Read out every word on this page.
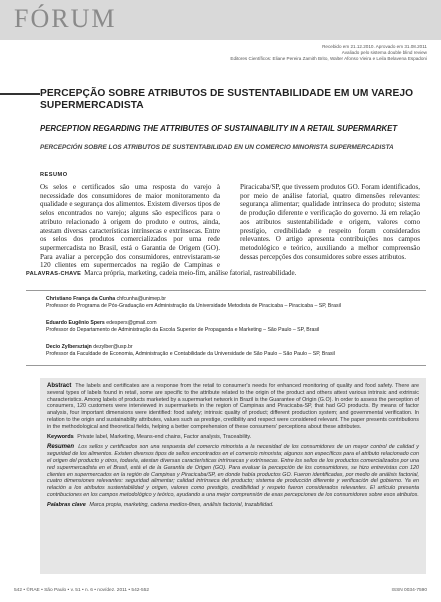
FÓRUM
Recebido em 21.12.2010. Aprovado em 31.08.2011
Avaliado pelo sistema double blind review
Editores Científicos: Eliane Pereira Zamith Brito, Walter Afonso Vieira e Leila Belavena Espadoni
PERCEPÇÃO SOBRE ATRIBUTOS DE SUSTENTABILIDADE EM UM VAREJO SUPERMERCADISTA
PERCEPTION REGARDING THE ATTRIBUTES OF SUSTAINABILITY IN A RETAIL SUPERMARKET
PERCEPCIÓN SOBRE LOS ATRIBUTOS DE SUSTENTABILIDAD EN UN COMERCIO MINORISTA SUPERMERCADISTA
RESUMO

Os selos e certificados são uma resposta do varejo à necessidade dos consumidores de maior monitoramento da qualidade e segurança dos alimentos. Existem diversos tipos de selos encontrados no varejo; alguns são específicos para o atributo relacionado à origem do produto e outros, ainda, atestam diversas características intrínsecas e extrínsecas. Entre os selos dos produtos comercializados por uma rede supermercadista no Brasil, está o Garantia de Origem (GO). Para avaliar a percepção dos consumidores, entrevistaram-se 120 clientes em supermercados na região de Campinas e Piracicaba/SP, que tivessem produtos GO. Foram identificados, por meio de análise fatorial, quatro dimensões relevantes: segurança alimentar; qualidade intrínseca do produto; sistema de produção diferente e verificação do governo. Já em relação aos atributos sustentabilidade e origem, valores como prestígio, credibilidade e respeito foram considerados relevantes. O artigo apresenta contribuições nos campos metodológico e teórico, auxiliando a melhor compreensão dessas percepções dos consumidores sobre esses atributos.

PALAVRAS-CHAVE Marca própria, marketing, cadeia meio-fim, análise fatorial, rastreabilidade.
Christiano França da Cunha chfcunha@unimep.br
Professor do Programa de Pós-Graduação em Administração da Universidade Metodista de Piracicaba – Piracicaba – SP, Brasil
Eduardo Eugênio Spers edespers@gmail.com
Professor do Departamento de Administração da Escola Superior de Propaganda e Marketing – São Paulo – SP, Brasil
Decio Zylbersztajn dezylber@usp.br
Professor da Faculdade de Economia, Administração e Contabilidade da Universidade de São Paulo – São Paulo – SP, Brasil
Abstract The labels and certificates are a response from the retail to consumer's needs for enhanced monitoring of quality and food safety. There are several types of labels found in retail, some are specific to the attribute related to the origin of the product and others attest various intrinsic and extrinsic characteristics. Among labels of products marketed by a supermarket network in Brazil is the Guarantee of Origin (G.O). In order to assess the perception of consumers, 120 customers were interviewed in supermarkets in the region of Campinas and Piracicaba-SP, that had GO products. By means of factor analysis, four important dimensions were identified: food safety; intrinsic quality of product; different production system; and governmental verification. In relation to the origin and sustainability attributes, values such as prestige, credibility and respect were considered relevant. The paper presents contributions in the methodological and theoretical fields, helping a better comprehension of these consumers' perceptions about these attributes.
Keywords Private label, Marketing, Means-end chains, Factor analysis, Traceability.
Resumen Los sellos y certificados son una respuesta del comercio minorista a la necesidad de los consumidores de un mayor control de calidad y seguridad de los alimentos. Existen diversos tipos de sellos encontrados en el comercio minorista; algunos son específicos para el atributo relacionado con el origen del producto y otros, todavía, atestan diversas características intrínsecas y extrínsecas. Entre los sellos de los productos comercializados por una red supermercadista en el Brasil, está el de la Garantía de Origen (GO). Para evaluar la percepción de los consumidores, se hizo entrevistas con 120 clientes en supermercados en la región de Campinas y Piracicaba/SP, en donde había productos GO. Fueron identificadas, por medio de análisis factorial, cuatro dimensiones relevantes: seguridad alimentar; calidad intrínseca del producto; sistema de producción diferente y verificación del gobierno. Ya en relación a los atributos sustentabilidad y origen, valores como prestigio, credibilidad y respeto fueron considerados relevantes. El artículo presenta contribuciones en los campos metodológico y teórico, ayudando a una mejor comprensión de esas percepciones de los consumidores sobre esos atributos.
Palabras clave Marca propia, marketing, cadena medios-fines, análisis factorial, trazabilidad.
542 • ©RAE • São Paulo • v. 51 • n. 6 • nov/dez. 2011 • 542-552	ISSN 0034-7590
